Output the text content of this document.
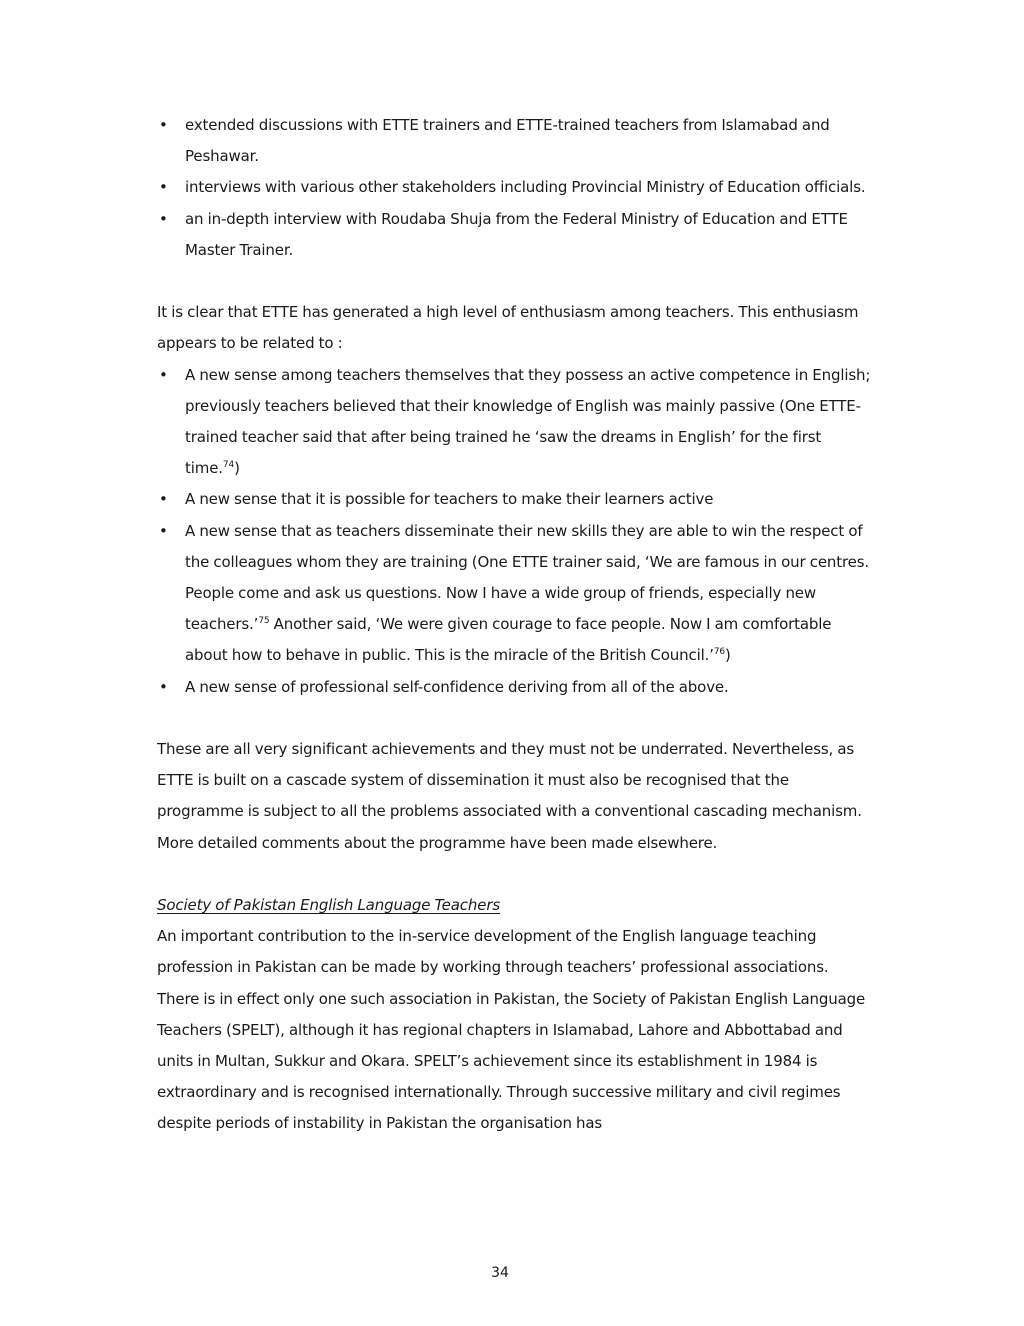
• extended discussions with ETTE trainers and ETTE-trained teachers from Islamabad and Peshawar.
• interviews with various other stakeholders including Provincial Ministry of Education officials.
• an in-depth interview with Roudaba Shuja from the Federal Ministry of Education and ETTE Master Trainer.

It is clear that ETTE has generated a high level of enthusiasm among teachers. This enthusiasm appears to be related to :

• A new sense among teachers themselves that they possess an active competence in English; previously teachers believed that their knowledge of English was mainly passive (One ETTE-trained teacher said that after being trained he ‘saw the dreams in English’ for the first time.$^{74}$)
• A new sense that it is possible for teachers to make their learners active
• A new sense that as teachers disseminate their new skills they are able to win the respect of the colleagues whom they are training (One ETTE trainer said, ‘We are famous in our centres. People come and ask us questions. Now I have a wide group of friends, especially new teachers.’$^{75}$ Another said, ‘We were given courage to face people. Now I am comfortable about how to behave in public. This is the miracle of the British Council.’$^{76}$)
• A new sense of professional self-confidence deriving from all of the above.

These are all very significant achievements and they must not be underrated. Nevertheless, as ETTE is built on a cascade system of dissemination it must also be recognised that the programme is subject to all the problems associated with a conventional cascading mechanism. More detailed comments about the programme have been made elsewhere.

Society of Pakistan English Language Teachers

An important contribution to the in-service development of the English language teaching profession in Pakistan can be made by working through teachers’ professional associations. There is in effect only one such association in Pakistan, the Society of Pakistan English Language Teachers (SPELT), although it has regional chapters in Islamabad, Lahore and Abbottabad and units in Multan, Sukkur and Okara. SPELT’s achievement since its establishment in 1984 is extraordinary and is recognised internationally. Through successive military and civil regimes despite periods of instability in Pakistan the organisation has

34
